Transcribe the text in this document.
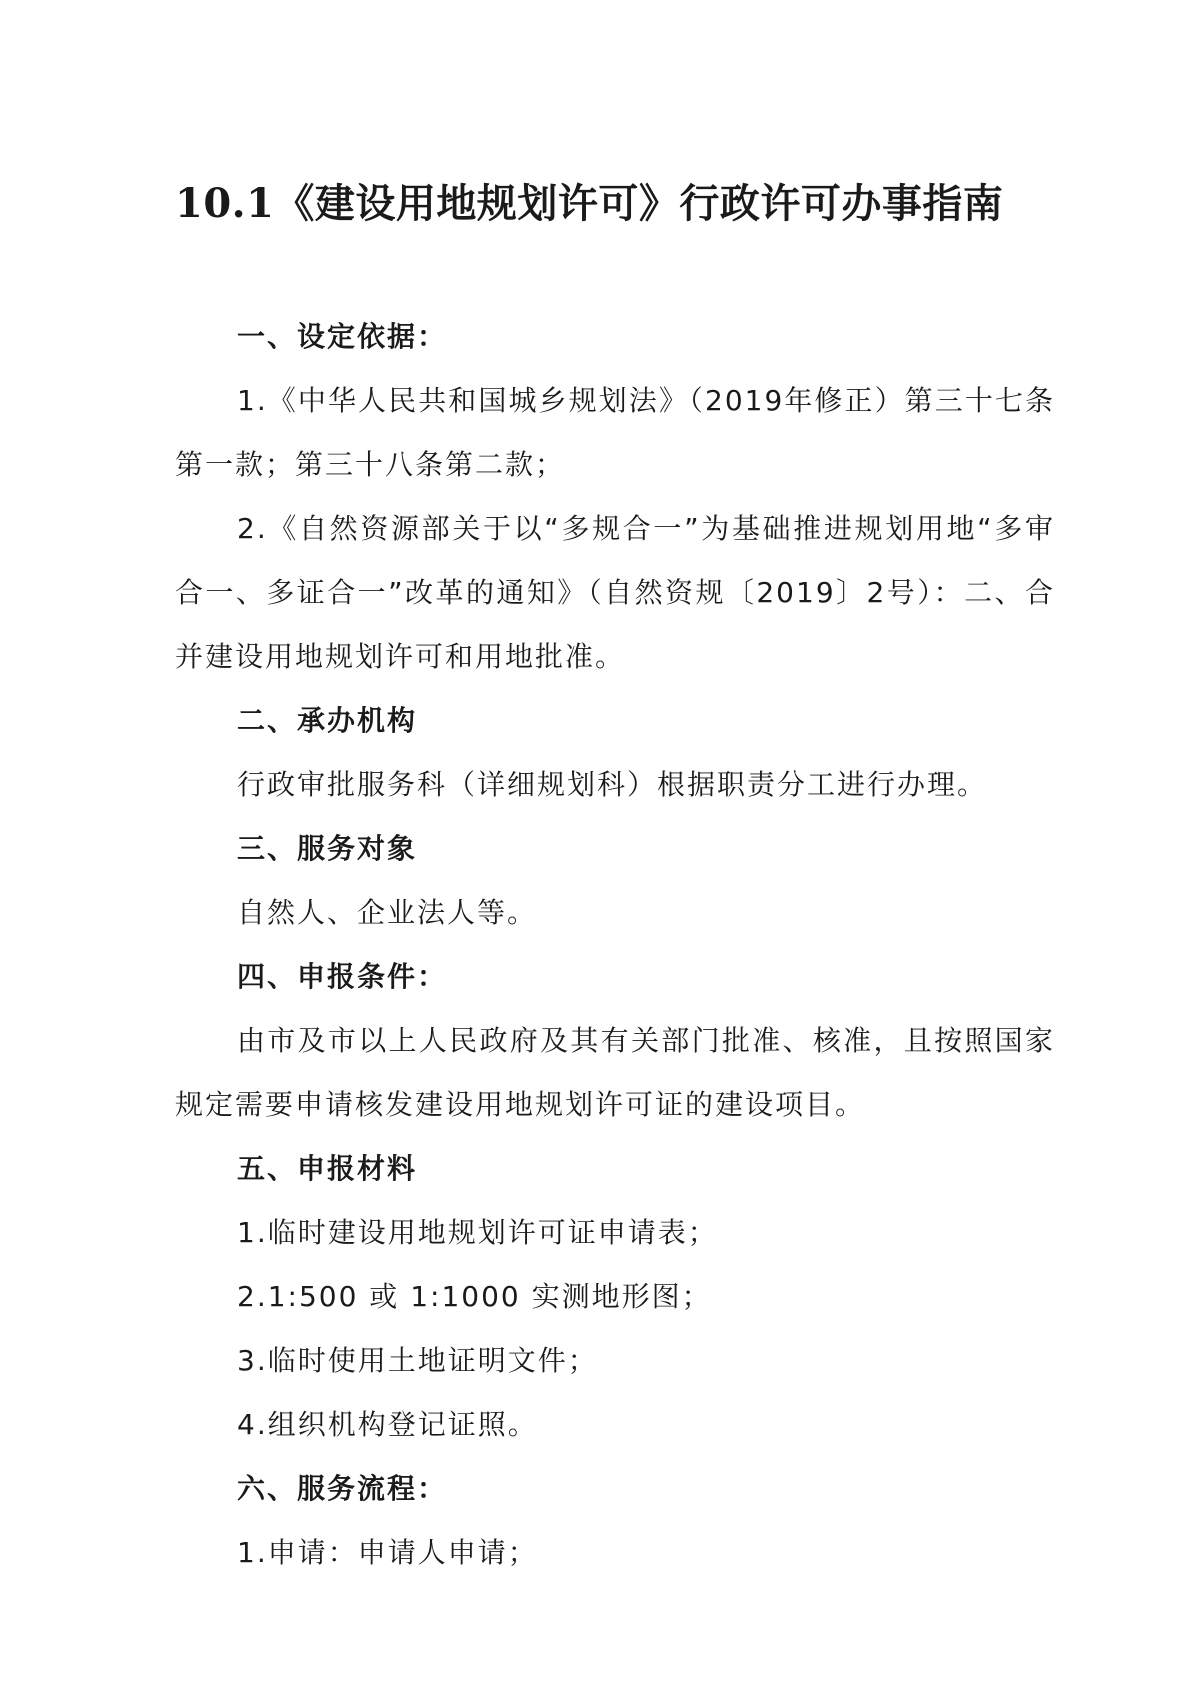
10.1《建设用地规划许可》行政许可办事指南

一、设定依据：

1.《中华人民共和国城乡规划法》（2019年修正）第三十七条第一款；第三十八条第二款；

2.《自然资源部关于以“多规合一”为基础推进规划用地“多审合一、多证合一”改革的通知》（自然资规〔2019〕2号）：二、合并建设用地规划许可和用地批准。

二、承办机构

行政审批服务科（详细规划科）根据职责分工进行办理。

三、服务对象

自然人、企业法人等。

四、申报条件：

由市及市以上人民政府及其有关部门批准、核准，且按照国家规定需要申请核发建设用地规划许可证的建设项目。

五、申报材料

1.临时建设用地规划许可证申请表；

2.1:500 或 1:1000 实测地形图；

3.临时使用土地证明文件；

4.组织机构登记证照。

六、服务流程：

1.申请：申请人申请；
